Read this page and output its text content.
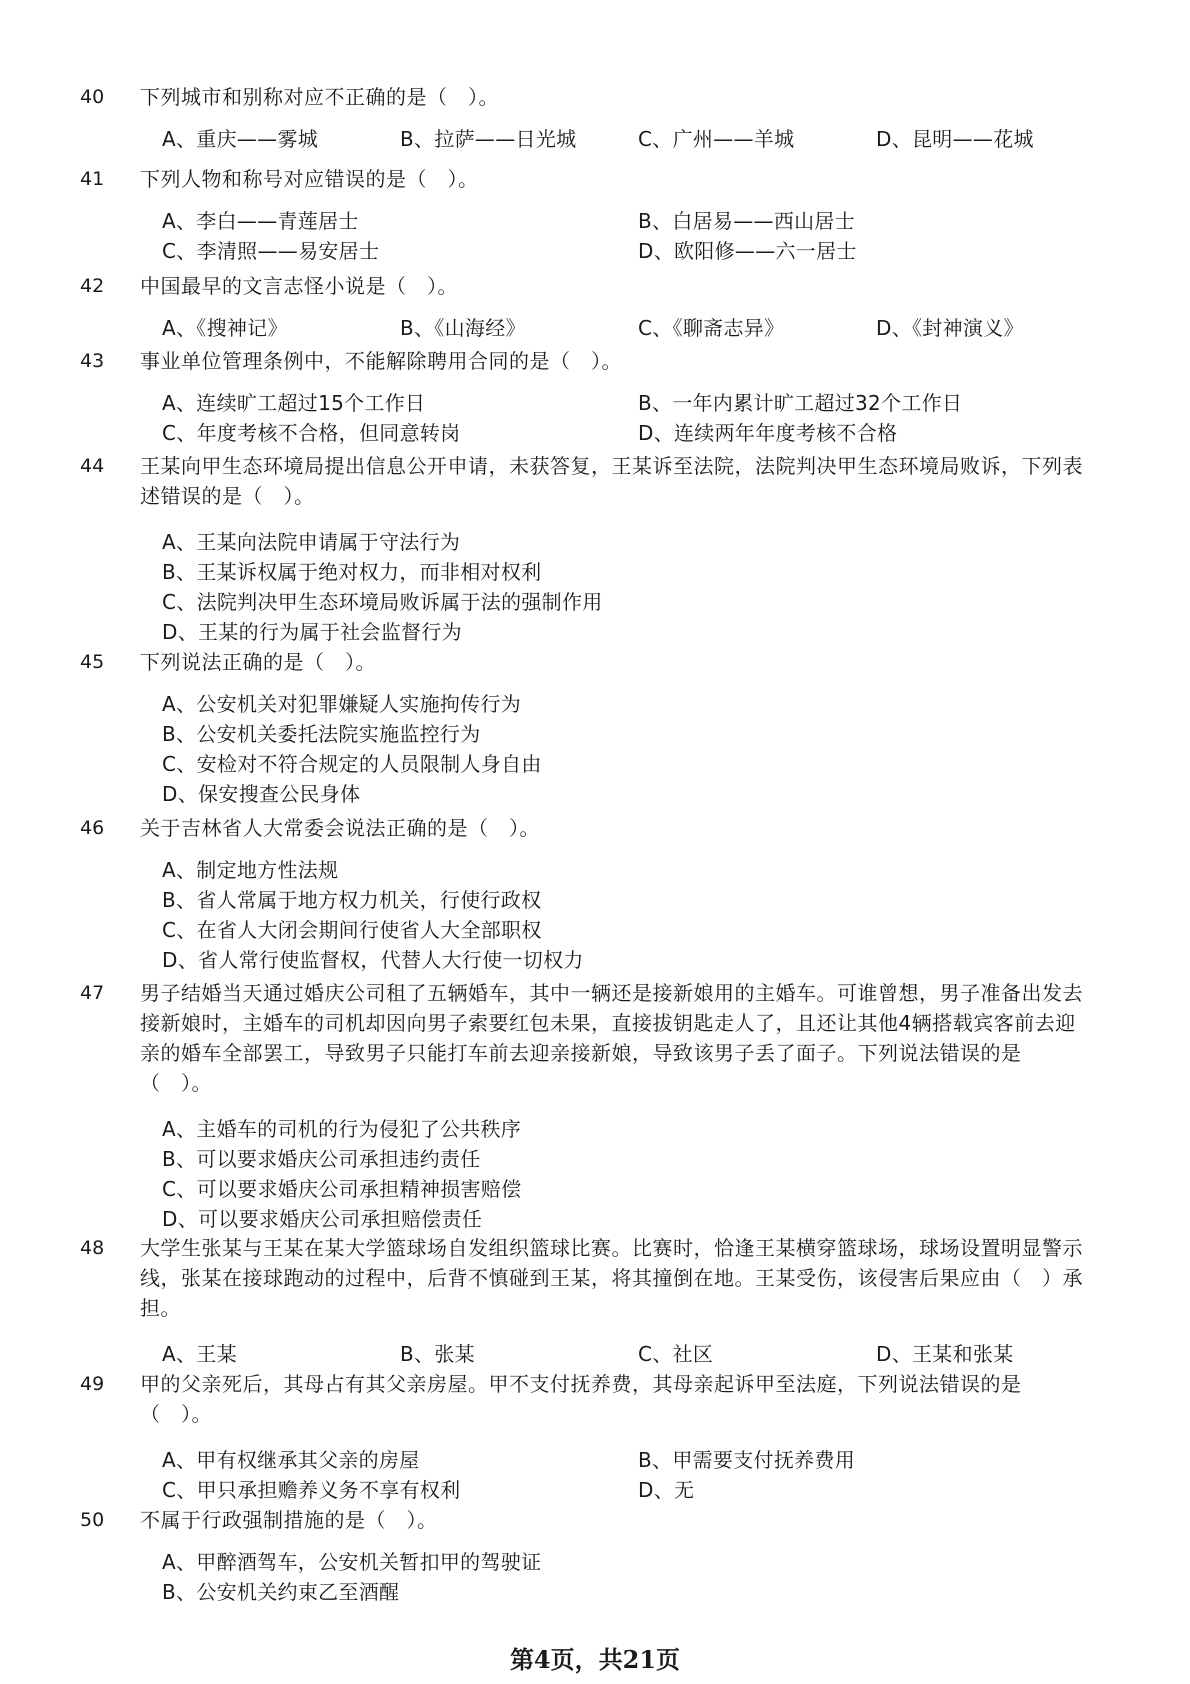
40 下列城市和别称对应不正确的是（　）。
A、重庆——雾城	B、拉萨——日光城	C、广州——羊城	D、昆明——花城
41 下列人物和称号对应错误的是（　）。
A、李白——青莲居士	B、白居易——西山居士
C、李清照——易安居士	D、欧阳修——六一居士
42 中国最早的文言志怪小说是（　）。
A、《搜神记》	B、《山海经》	C、《聊斋志异》	D、《封神演义》
43 事业单位管理条例中，不能解除聘用合同的是（　）。
A、连续旷工超过15个工作日	B、一年内累计旷工超过32个工作日
C、年度考核不合格，但同意转岗	D、连续两年年度考核不合格
44 王某向甲生态环境局提出信息公开申请，未获答复，王某诉至法院，法院判决甲生态环境局败诉，下列表述错误的是（　）。
A、王某向法院申请属于守法行为
B、王某诉权属于绝对权力，而非相对权利
C、法院判决甲生态环境局败诉属于法的强制作用
D、王某的行为属于社会监督行为
45 下列说法正确的是（　）。
A、公安机关对犯罪嫌疑人实施拘传行为
B、公安机关委托法院实施监控行为
C、安检对不符合规定的人员限制人身自由
D、保安搜查公民身体
46 关于吉林省人大常委会说法正确的是（　）。
A、制定地方性法规
B、省人常属于地方权力机关，行使行政权
C、在省人大闭会期间行使省人大全部职权
D、省人常行使监督权，代替人大行使一切权力
47 男子结婚当天通过婚庆公司租了五辆婚车，其中一辆还是接新娘用的主婚车。可谁曾想，男子准备出发去接新娘时，主婚车的司机却因向男子索要红包未果，直接拔钥匙走人了，且还让其他4辆搭载宾客前去迎亲的婚车全部罢工，导致男子只能打车前去迎亲接新娘，导致该男子丢了面子。下列说法错误的是（　）。
A、主婚车的司机的行为侵犯了公共秩序
B、可以要求婚庆公司承担违约责任
C、可以要求婚庆公司承担精神损害赔偿
D、可以要求婚庆公司承担赔偿责任
48 大学生张某与王某在某大学篮球场自发组织篮球比赛。比赛时，恰逢王某横穿篮球场，球场设置明显警示线，张某在接球跑动的过程中，后背不慎碰到王某，将其撞倒在地。王某受伤，该侵害后果应由（　）承担。
A、王某	B、张某	C、社区	D、王某和张某
49 甲的父亲死后，其母占有其父亲房屋。甲不支付抚养费，其母亲起诉甲至法庭，下列说法错误的是（　）。
A、甲有权继承其父亲的房屋	B、甲需要支付抚养费用
C、甲只承担赡养义务不享有权利	D、无
50 不属于行政强制措施的是（　）。
A、甲醉酒驾车，公安机关暂扣甲的驾驶证
B、公安机关约束乙至酒醒
第4页，共21页
